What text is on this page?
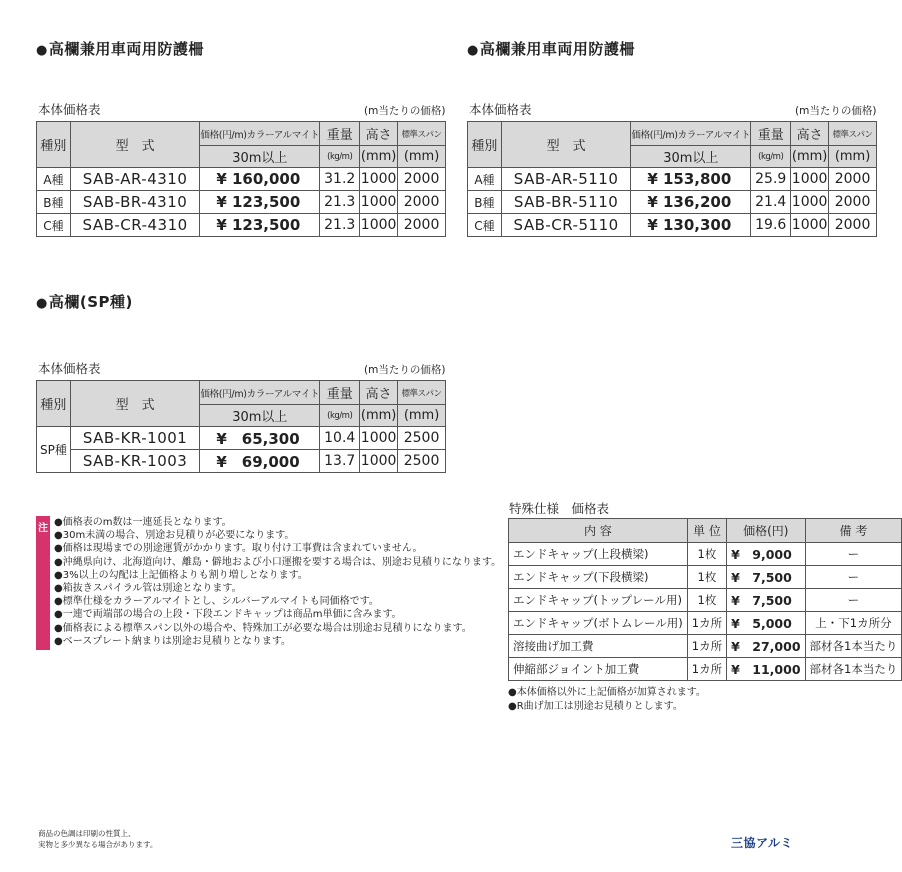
●高欄兼用車両用防護柵
本体価格表	(m当たりの価格)
種別	型　式	価格(円/m)カラーアルマイト	重量	高さ	標準スパン
		30m以上	(kg/m)	(mm)	(mm)
A種	SAB-AR-4310	¥ 160,000	31.2	1000	2000
B種	SAB-BR-4310	¥ 123,500	21.3	1000	2000
C種	SAB-CR-4310	¥ 123,500	21.3	1000	2000
●高欄兼用車両用防護柵
本体価格表	(m当たりの価格)
種別	型　式	価格(円/m)カラーアルマイト	重量	高さ	標準スパン
		30m以上	(kg/m)	(mm)	(mm)
A種	SAB-AR-5110	¥ 153,800	25.9	1000	2000
B種	SAB-BR-5110	¥ 136,200	21.4	1000	2000
C種	SAB-CR-5110	¥ 130,300	19.6	1000	2000
●高欄(SP種)
本体価格表	(m当たりの価格)
種別	型　式	価格(円/m)カラーアルマイト	重量	高さ	標準スパン
		30m以上	(kg/m)	(mm)	(mm)
SP種	SAB-KR-1001	¥　65,300	10.4	1000	2500
	SAB-KR-1003	¥　69,000	13.7	1000	2500
注
●価格表のm数は一連延長となります。
●30m未満の場合、別途お見積りが必要になります。
●価格は現場までの別途運賃がかかります。取り付け工事費は含まれていません。
●沖縄県向け、北海道向け、離島・僻地および小口運搬を要する場合は、別途お見積りになります。
●3%以上の勾配は上記価格よりも割り増しとなります。
●箱抜きスパイラル管は別途となります。
●標準仕様をカラーアルマイトとし、シルバーアルマイトも同価格です。
●一連で両端部の場合の上段・下段エンドキャップは商品m単価に含みます。
●価格表による標準スパン以外の場合や、特殊加工が必要な場合は別途お見積りになります。
●ベースプレート納まりは別途お見積りとなります。
特殊仕様　価格表
内 容	単 位	価格(円)	備 考
エンドキャップ(上段横梁)	1枚	¥　9,000	ー
エンドキャップ(下段横梁)	1枚	¥　7,500	ー
エンドキャップ(トップレール用)	1枚	¥　7,500	ー
エンドキャップ(ボトムレール用)	1カ所	¥　5,000	上・下1カ所分
溶接曲げ加工費	1カ所	¥　27,000	部材各1本当たり
伸縮部ジョイント加工費	1カ所	¥　11,000	部材各1本当たり
●本体価格以外に上記価格が加算されます。
●R曲げ加工は別途お見積りとします。
商品の色調は印刷の性質上、
実物と多少異なる場合があります。	三協アルミ
